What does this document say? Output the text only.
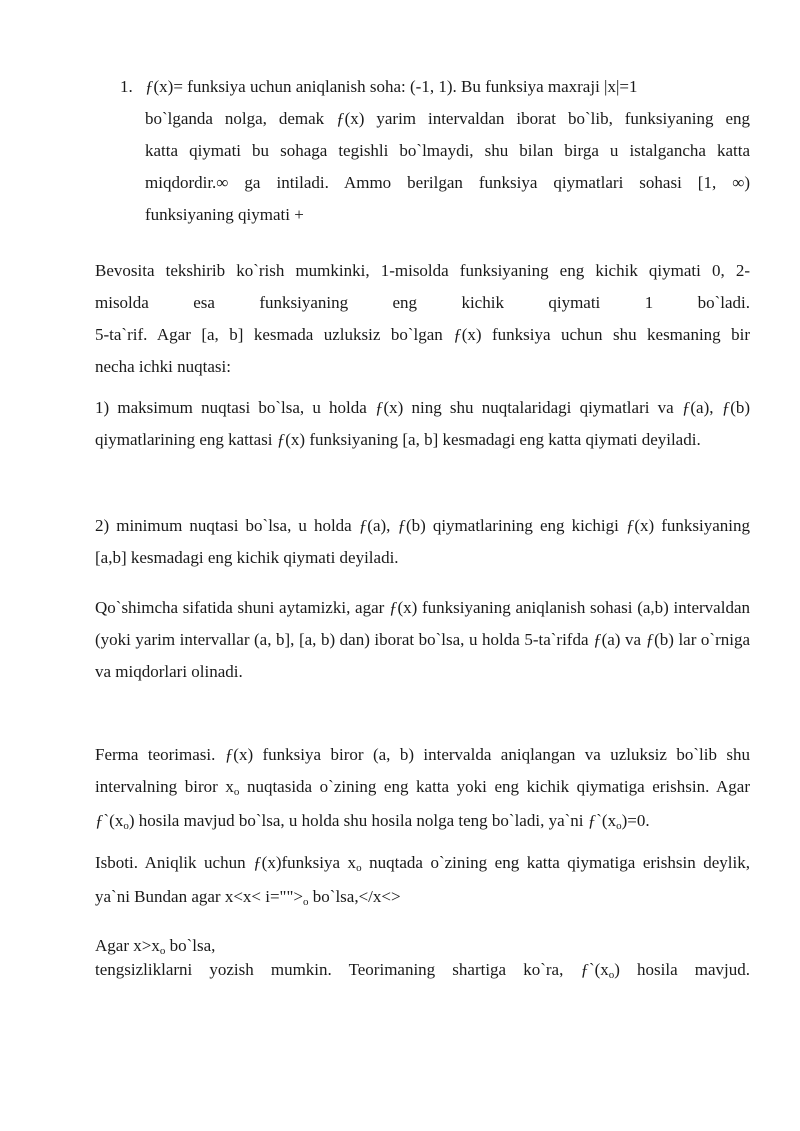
1. ƒ(x)= funksiya uchun aniqlanish soha: (-1, 1). Bu funksiya maxraji |x|=1
bo`lganda nolga, demak ƒ(x) yarim intervaldan iborat bo`lib, funksiyaning eng
katta qiymati bu sohaga tegishli bo`lmaydi, shu bilan birga u istalgancha katta
miqdordir.∞ ga intiladi. Ammo berilgan funksiya qiymatlari sohasi [1, ∞)
funksiyaning qiymati +

Bevosita tekshirib ko`rish mumkinki, 1-misolda funksiyaning eng kichik qiymati 0, 2-

misolda	esa	funksiyaning	eng	kichik	qiymati	1	bo`ladi.

5-ta`rif. Agar [a, b] kesmada uzluksiz bo`lgan ƒ(x) funksiya uchun shu kesmaning bir

necha ichki nuqtasi:

1) maksimum nuqtasi bo`lsa, u holda ƒ(x) ning shu nuqtalaridagi qiymatlari va ƒ(a), ƒ(b) qiymatlarining eng kattasi ƒ(x) funksiyaning [a, b] kesmadagi eng katta qiymati deyiladi.

2) minimum nuqtasi bo`lsa, u holda ƒ(a), ƒ(b) qiymatlarining eng kichigi ƒ(x) funksiyaning [a,b] kesmadagi eng kichik qiymati deyiladi.

Qo`shimcha sifatida shuni aytamizki, agar ƒ(x) funksiyaning aniqlanish sohasi (a,b) intervaldan (yoki yarim intervallar (a, b], [a, b) dan) iborat bo`lsa, u holda 5-ta`rifda ƒ(a) va ƒ(b) lar o`rniga va miqdorlari olinadi.

Ferma teorimasi. ƒ(x) funksiya biror (a, b) intervalda aniqlangan va uzluksiz bo`lib shu intervalning biror xo nuqtasida o`zining eng katta yoki eng kichik qiymatiga erishsin. Agar ƒ`(xo) hosila mavjud bo`lsa, u holda shu hosila nolga teng bo`ladi, ya`ni ƒ`(xo)=0.

Isboti. Aniqlik uchun ƒ(x)funksiya xo nuqtada o`zining eng katta qiymatiga erishsin deylik, ya`ni Bundan agar x<x< i="">o bo`lsa,</x<>

Agar x>xo bo`lsa,

tengsizliklarni yozish mumkin. Teorimaning shartiga ko`ra, ƒ`(xo) hosila mavjud.
